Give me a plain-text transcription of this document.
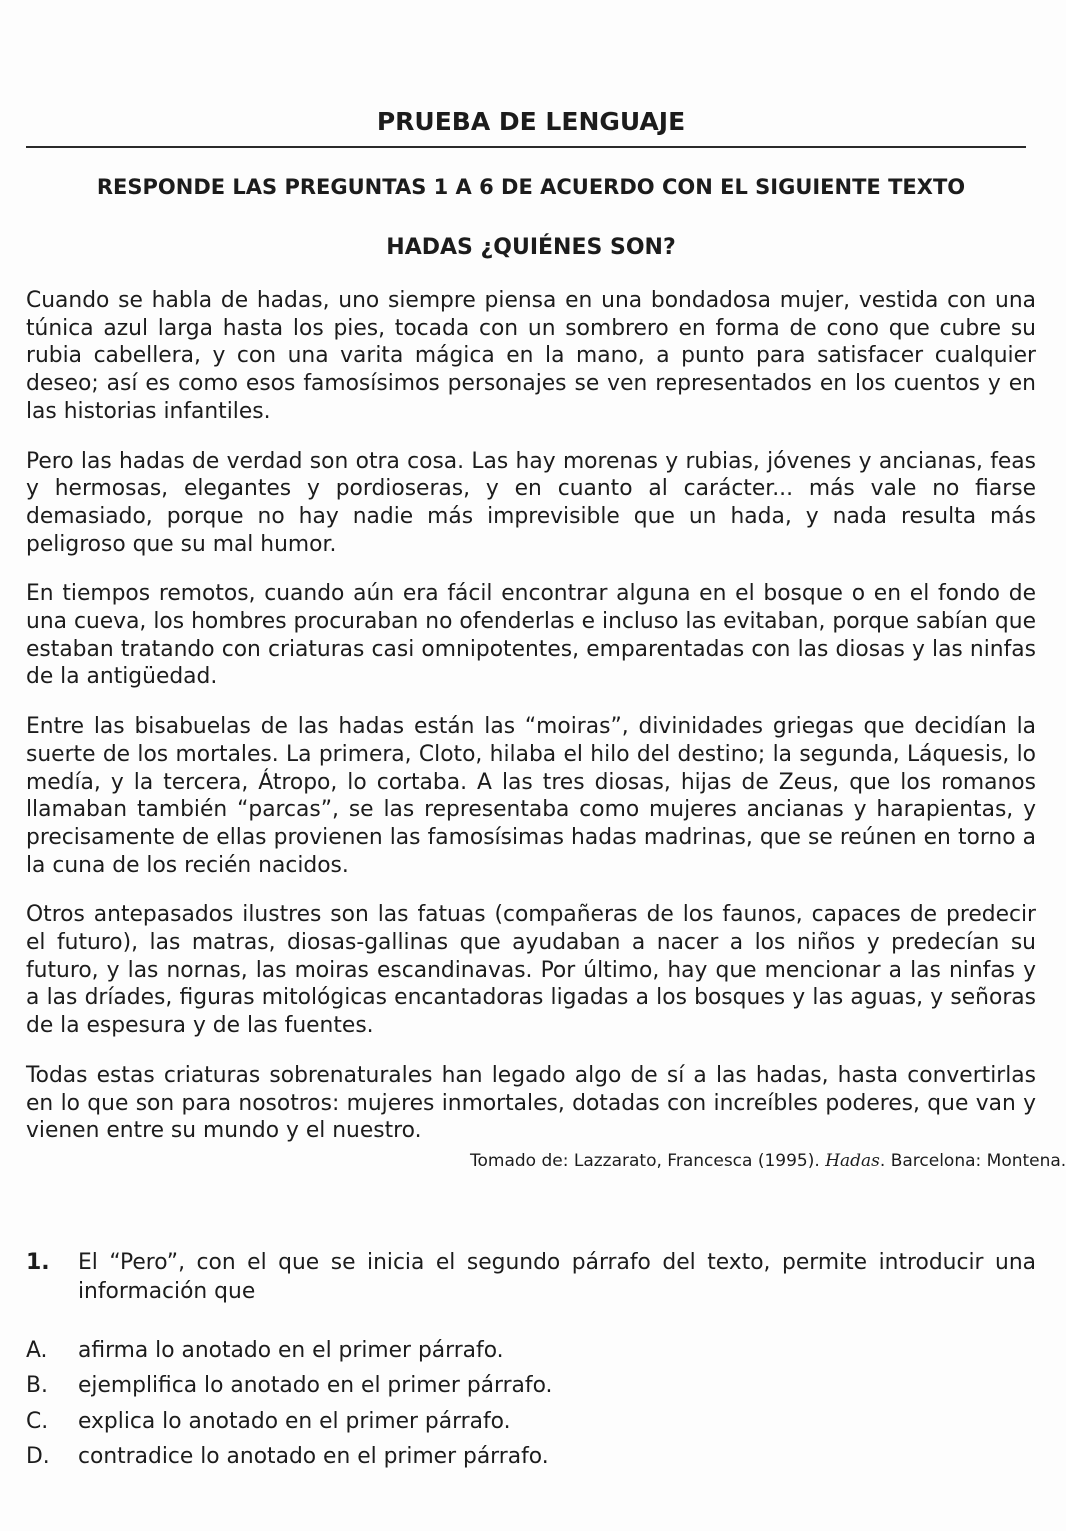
PRUEBA DE LENGUAJE
RESPONDE LAS PREGUNTAS 1 A 6 DE ACUERDO CON EL SIGUIENTE TEXTO
HADAS ¿QUIÉNES SON?

Cuando se habla de hadas, uno siempre piensa en una bondadosa mujer, vestida con una túnica azul larga hasta los pies, tocada con un sombrero en forma de cono que cubre su rubia cabellera, y con una varita mágica en la mano, a punto para satisfacer cualquier deseo; así es como esos famosísimos personajes se ven representados en los cuentos y en las historias infantiles.

Pero las hadas de verdad son otra cosa. Las hay morenas y rubias, jóvenes y ancianas, feas y hermosas, elegantes y pordioseras, y en cuanto al carácter... más vale no fiarse demasiado, porque no hay nadie más imprevisible que un hada, y nada resulta más peligroso que su mal humor.

En tiempos remotos, cuando aún era fácil encontrar alguna en el bosque o en el fondo de una cueva, los hombres procuraban no ofenderlas e incluso las evitaban, porque sabían que estaban tratando con criaturas casi omnipotentes, emparentadas con las diosas y las ninfas de la antigüedad.

Entre las bisabuelas de las hadas están las “moiras”, divinidades griegas que decidían la suerte de los mortales. La primera, Cloto, hilaba el hilo del destino; la segunda, Láquesis, lo medía, y la tercera, Átropo, lo cortaba. A las tres diosas, hijas de Zeus, que los romanos llamaban también “parcas”, se las representaba como mujeres ancianas y harapientas, y precisamente de ellas provienen las famosísimas hadas madrinas, que se reúnen en torno a la cuna de los recién nacidos.

Otros antepasados ilustres son las fatuas (compañeras de los faunos, capaces de predecir el futuro), las matras, diosas-gallinas que ayudaban a nacer a los niños y predecían su futuro, y las nornas, las moiras escandinavas. Por último, hay que mencionar a las ninfas y a las dríades, figuras mitológicas encantadoras ligadas a los bosques y las aguas, y señoras de la espesura y de las fuentes.

Todas estas criaturas sobrenaturales han legado algo de sí a las hadas, hasta convertirlas en lo que son para nosotros: mujeres inmortales, dotadas con increíbles poderes, que van y vienen entre su mundo y el nuestro.

Tomado de: Lazzarato, Francesca (1995). Hadas. Barcelona: Montena.
1. El “Pero”, con el que se inicia el segundo párrafo del texto, permite introducir una información que
A.	afirma lo anotado en el primer párrafo.
B.	ejemplifica lo anotado en el primer párrafo.
C.	explica lo anotado en el primer párrafo.
D.	contradice lo anotado en el primer párrafo.
